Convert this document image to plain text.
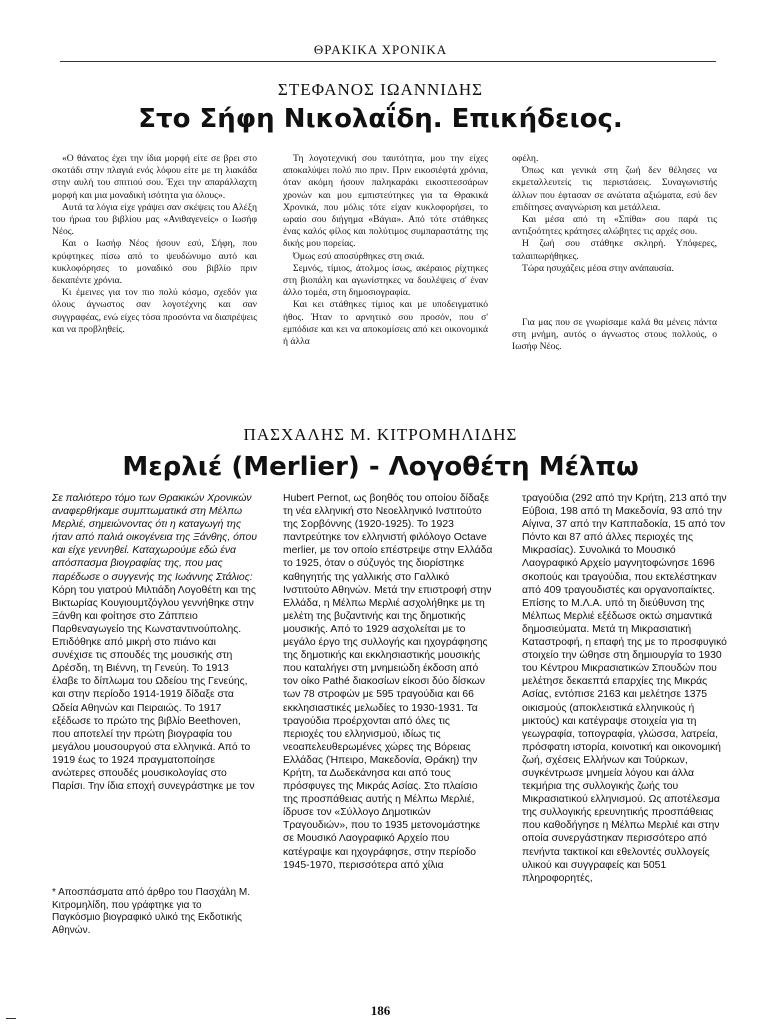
ΘΡΑΚΙΚΑ ΧΡΟΝΙΚΑ
ΣΤΕΦΑΝΟΣ ΙΩΑΝΝΙΔΗΣ
Στο Σήφη Νικολαΐδη. Επικήδειος.

«Ο θάνατος έχει την ίδια μορφή είτε σε βρει στο σκοτάδι στην πλαγιά ενός λόφου είτε με τη λιακάδα στην αυλή του σπιτιού σου. Έχει την απαράλλαχτη μορφή και μια μοναδική ισότητα για όλους».

Αυτά τα λόγια είχε γράψει σαν σκέψεις του Αλέξη του ήρωα του βιβλίου μας «Ανιθαγενείς» ο Ιωσήφ Νέος.

Και ο Ιωσήφ Νέος ήσουν εσύ, Σήφη, που κρύφτηκες πίσω από το ψευδώνυμο αυτό και κυκλοφόρησες το μοναδικό σου βιβλίο πριν δεκαπέντε χρόνια.

Κι έμεινες για τον πιο πολύ κόσμο, σχεδόν για όλους άγνωστος σαν λογοτέχνης και σαν συγγραφέας, ενώ είχες τόσα προσόντα να διαπρέψεις και να προβληθείς.

Τη λογοτεχνική σου ταυτότητα, μου την είχες αποκαλύψει πολύ πιο πριν. Πριν εικοσιέφτά χρόνια, όταν ακόμη ήσουν παληκαράκι εικοσιτεσσάρων χρονών και μου εμπιστεύτηκες για τα Θρακικά Χρονικά, που μόλις τότε είχαν κυκλοφορήσει, το ωραίο σου διήγημα «Βάγια». Από τότε στάθηκες ένας καλός φίλος και πολύτιμος συμπαραστάτης της δικής μου πορείας.

Όμως εσύ αποσύρθηκες στη σκιά.

Σεμνός, τίμιος, άτολμος ίσως, ακέραιος ρίχτηκες στη βιοπάλη και αγωνίστηκες να δουλέψεις σ' έναν άλλο τομέα, στη δημοσιογραφία.

Και κει στάθηκες τίμιος και με υποδειγματικό ήθος. Ήταν το αρνητικό σου προσόν, που σ' εμπόδισε και κει να αποκομίσεις από κει οικονομικά ή άλλα

οφέλη.

Όπως και γενικά στη ζωή δεν θέλησες να εκμεταλλευτείς τις περιστάσεις. Συναγωνιστής άλλων που έφτασαν σε ανώτατα αξιώματα, εσύ δεν επιδίτησες αναγνώριση και μετάλλεια.

Και μέσα από τη «Σπίθα» σου παρά τις αντιξοότητες κράτησες αλώβητες τις αρχές σου.

Η ζωή σου στάθηκε σκληρή. Υπόφερες, ταλαιπωρήθηκες.

Τώρα ησυχάζεις μέσα στην ανάπαυσία.

Για μας που σε γνωρίσαμε καλά θα μένεις πάντα στη μνήμη, αυτός ο άγνωστος στους πολλούς, ο Ιωσήφ Νέος.

ΠΑΣΧΑΛΗΣ Μ. ΚΙΤΡΟΜΗΛΙΔΗΣ
Μερλιέ (Merlier) - Λογοθέτη Μέλπω

Σε παλιότερο τόμο των Θρακικών Χρονικών αναφερθήκαμε συμπτωματικά στη Μέλπω Μερλιέ, σημειώνοντας ότι η καταγωγή της ήταν από παλιά οικογένεια της Ξάνθης, όπου και είχε γεννηθεί. Καταχωρούμε εδώ ένα απόσπασμα βιογραφίας της, που μας παρέδωσε ο συγγενής της Ιωάννης Στάλιος:

Κόρη του γιατρού Μιλτιάδη Λογοθέτη και της Βικτωρίας Κουγιουμτζόγλου γεννήθηκε στην Ξάνθη και φοίτησε στο Ζάππειο Παρθεναγωγείο της Κωνσταντινούπολης. Επιδόθηκε από μικρή στο πιάνο και συνέχισε τις σπουδές της μουσικής στη Δρέσδη, τη Βιέννη, τη Γενεύη. Το 1913 έλαβε το δίπλωμα του Ωδείου της Γενεύης, και στην περίοδο 1914-1919 δίδαξε στα Ωδεία Αθηνών και Πειραιώς. Το 1917 εξέδωσε το πρώτο της βιβλίο Beethoven, που αποτελεί την πρώτη βιογραφία του μεγάλου μουσουργού στα ελληνικά. Από το 1919 έως το 1924 πραγματοποίησε ανώτερες σπουδές μουσικολογίας στο Παρίσι. Την ίδια εποχή συνεγράστηκε με τον

Hubert Pernot, ως βοηθός του οποίου δίδαξε τη νέα ελληνική στο Νεοελληνικό Ινστιτούτο της Σορβόννης (1920-1925). Το 1923 παντρεύτηκε τον ελληνιστή φιλόλογο Octave merlier, με τον οποίο επέστρεψε στην Ελλάδα το 1925, όταν ο σύζυγός της διορίστηκε καθηγητής της γαλλικής στο Γαλλικό Ινστιτούτο Αθηνών. Μετά την επιστροφή στην Ελλάδα, η Μέλπω Μερλιέ ασχολήθηκε με τη μελέτη της βυζαντινής και της δημοτικής μουσικής. Από το 1929 ασχολείται με το μεγάλο έργο της συλλογής και ηχογράφησης της δημοτικής και εκκλησιαστικής μουσικής που καταλήγει στη μνημειώδη έκδοση από τον οίκο Pathé διακοσίων είκοσι δύο δίσκων των 78 στροφών με 595 τραγούδια και 66 εκκλησιαστικές μελωδίες το 1930-1931. Τα τραγούδια προέρχονται από όλες τις περιοχές του ελληνισμού, ιδίως τις νεοαπελευθερωμένες χώρες της Βόρειας Ελλάδας (Ήπειρο, Μακεδονία, Θράκη) την Κρήτη, τα Δωδεκάνησα και από τους πρόσφυγες της Μικράς Ασίας. Στο πλαίσιο της προσπάθειας αυτής η Μέλπω Μερλιέ, ίδρυσε τον «Σύλλογο Δημοτικών Τραγουδιών», που το 1935 μετονομάστηκε σε Μουσικό Λαογραφικό Αρχείο που κατέγραψε και ηχογράφησε, στην περίοδο 1945-1970, περισσότερα από χίλια

τραγούδια (292 από την Κρήτη, 213 από την Εύβοια, 198 από τη Μακεδονία, 93 από την Αίγινα, 37 από την Καππαδοκία, 15 από τον Πόντο και 87 από άλλες περιοχές της Μικρασίας). Συνολικά το Μουσικό Λαογραφικό Αρχείο μαγνητοφώνησε 1696 σκοπούς και τραγούδια, που εκτελέστηκαν από 409 τραγουδιστές και οργανοπαίκτες. Επίσης το Μ.Λ.Α. υπό τη διεύθυνση της Μέλπως Μερλιέ εξέδωσε οκτώ σημαντικά δημοσιεύματα. Μετά τη Μικρασιατική Καταστροφή, η επαφή της με το προσφυγικό στοιχείο την ώθησε στη δημιουργία το 1930 του Κέντρου Μικρασιατικών Σπουδών που μελέτησε δεκαεπτά επαρχίες της Μικράς Ασίας, εντόπισε 2163 και μελέτησε 1375 οικισμούς (αποκλειστικά ελληνικούς ή μικτούς) και κατέγραψε στοιχεία για τη γεωγραφία, τοπογραφία, γλώσσα, λατρεία, πρόσφατη ιστορία, κοινοτική και οικονομική ζωή, σχέσεις Ελλήνων και Τούρκων, συγκέντρωσε μνημεία λόγου και άλλα τεκμήρια της συλλογικής ζωής του Μικρασιατικού ελληνισμού. Ως αποτέλεσμα της συλλογικής ερευνητικής προσπάθειας που καθοδήγησε η Μέλπω Μερλιέ και στην οποία συνεργάστηκαν περισσότερο από πενήντα τακτικοί και εθελοντές συλλογείς υλικού και συγγραφείς και 5051 πληροφορητές,

* Αποσπάσματα από άρθρο του Πασχάλη Μ. Κιτρομηλίδη, που γράφτηκε για το Παγκόσμιο βιογραφικό υλικό της Εκδοτικής Αθηνών.
186
